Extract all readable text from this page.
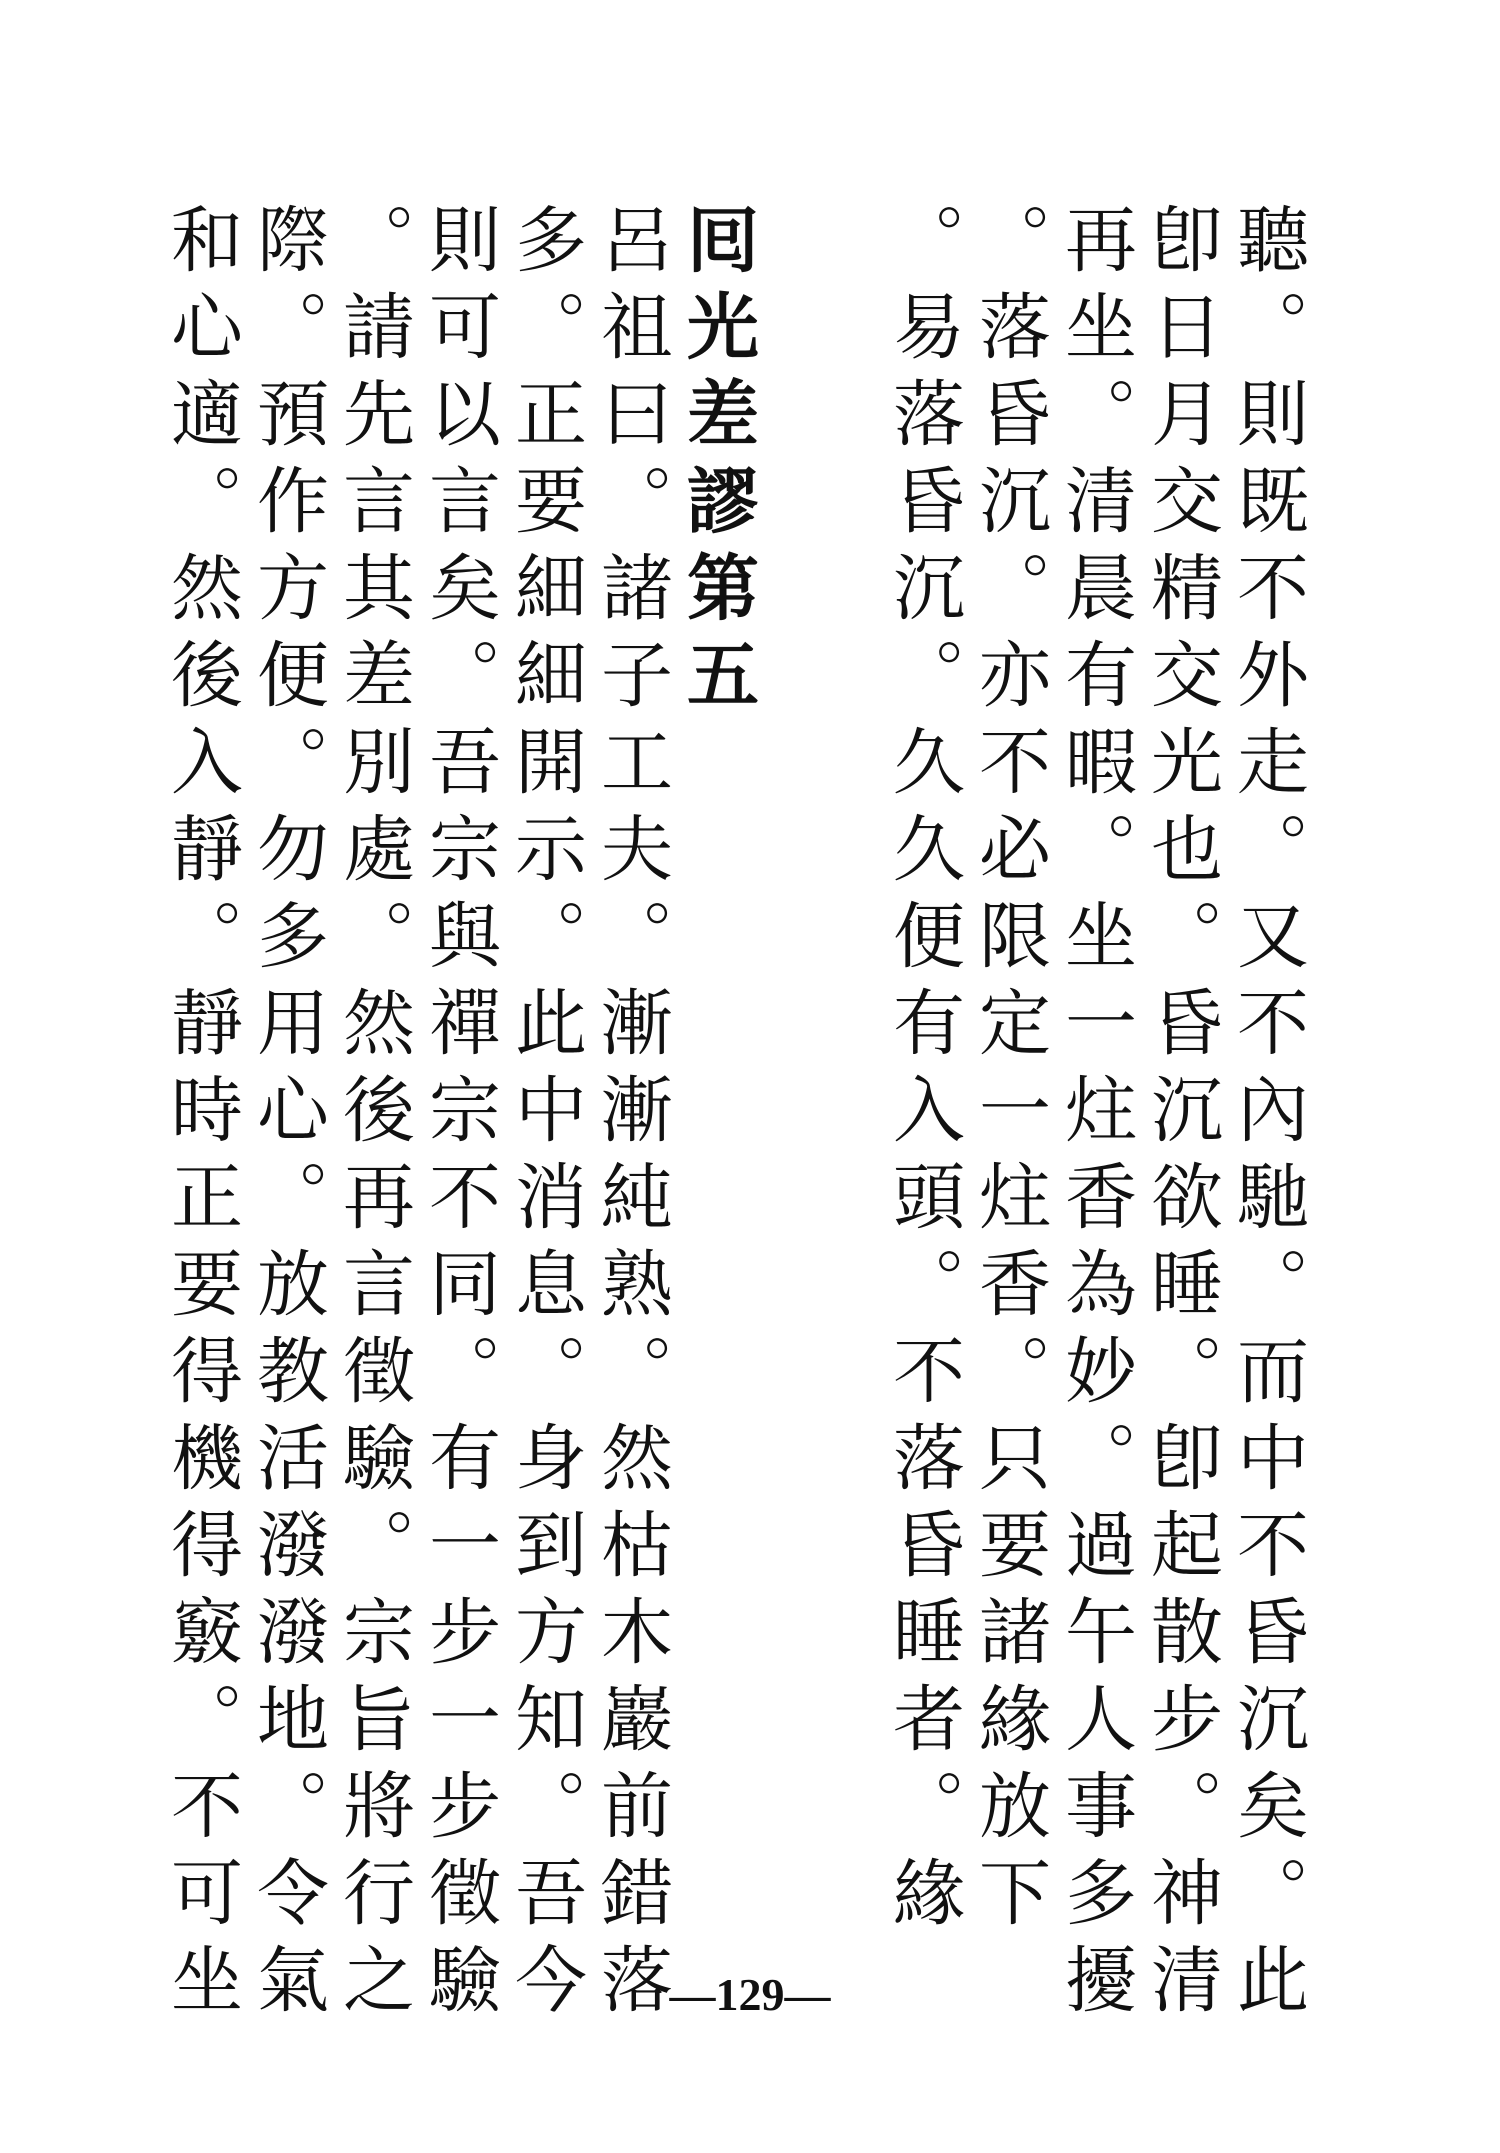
聽。則既不外走。又不內馳。而中不昏沉矣。此
卽日月交精交光也。昏沉欲睡。卽起散步。神清
再坐。清晨有暇。坐一炷香為妙。過午人事多擾
。落昏沉。亦不必限定一炷香。只要諸緣放下
。易落昏沉。久久便有入頭。不落昏睡者。緣
囘光差謬第五
呂祖曰。諸子工夫。漸漸純熟。然枯木巖前錯落
多。正要細細開示。此中消息。身到方知。吾今
則可以言矣。吾宗與禪宗不同。有一步一步徵驗
。請先言其差別處。然後再言徵驗。宗旨將行之
際。預作方便。勿多用心。放教活潑潑地。令氣
和心適。然後入靜。靜時正要得機得竅。不可坐	—129—
